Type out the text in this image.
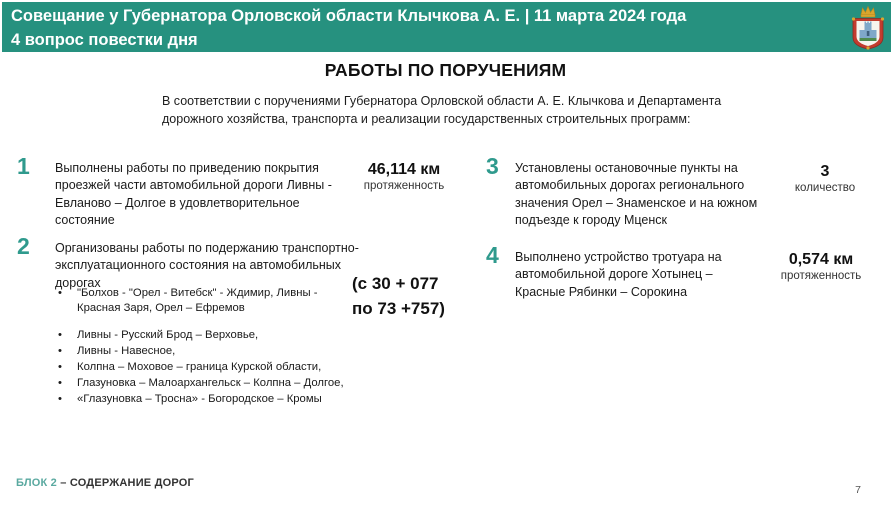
Совещание у Губернатора Орловской области Клычкова А. Е. | 11 марта 2024 года
4 вопрос повестки дня
РАБОТЫ ПО ПОРУЧЕНИЯМ
В соответствии с поручениями Губернатора Орловской области А. Е. Клычкова и Департамента дорожного хозяйства, транспорта и реализации государственных строительных программ:
1 Выполнены работы по приведению покрытия проезжей части автомобильной дороги Ливны - Евланово – Долгое в удовлетворительное состояние
46,114 км
протяженность
2 Организованы работы по подержанию транспортно-эксплуатационного состояния на автомобильных дорогах	(с 30 + 077
по 73 +757)
• "Болхов - "Орел - Витебск" - Ждимир, Ливны - Красная Заря, Орел – Ефремов
• Ливны - Русский Брод – Верховье,
• Ливны - Навесное,
• Колпна – Моховое – граница Курской области,
• Глазуновка – Малоархангельск – Колпна – Долгое,
• «Глазуновка – Тросна» - Богородское – Кромы
3 Установлены остановочные пункты на автомобильных дорогах регионального значения Орел – Знаменское и на южном подъезде к городу Мценск
3
количество
4 Выполнено устройство тротуара на автомобильной дороге Хотынец – Красные Рябинки – Сорокина
0,574 км
протяженность
БЛОК 2 – СОДЕРЖАНИЕ ДОРОГ
7
